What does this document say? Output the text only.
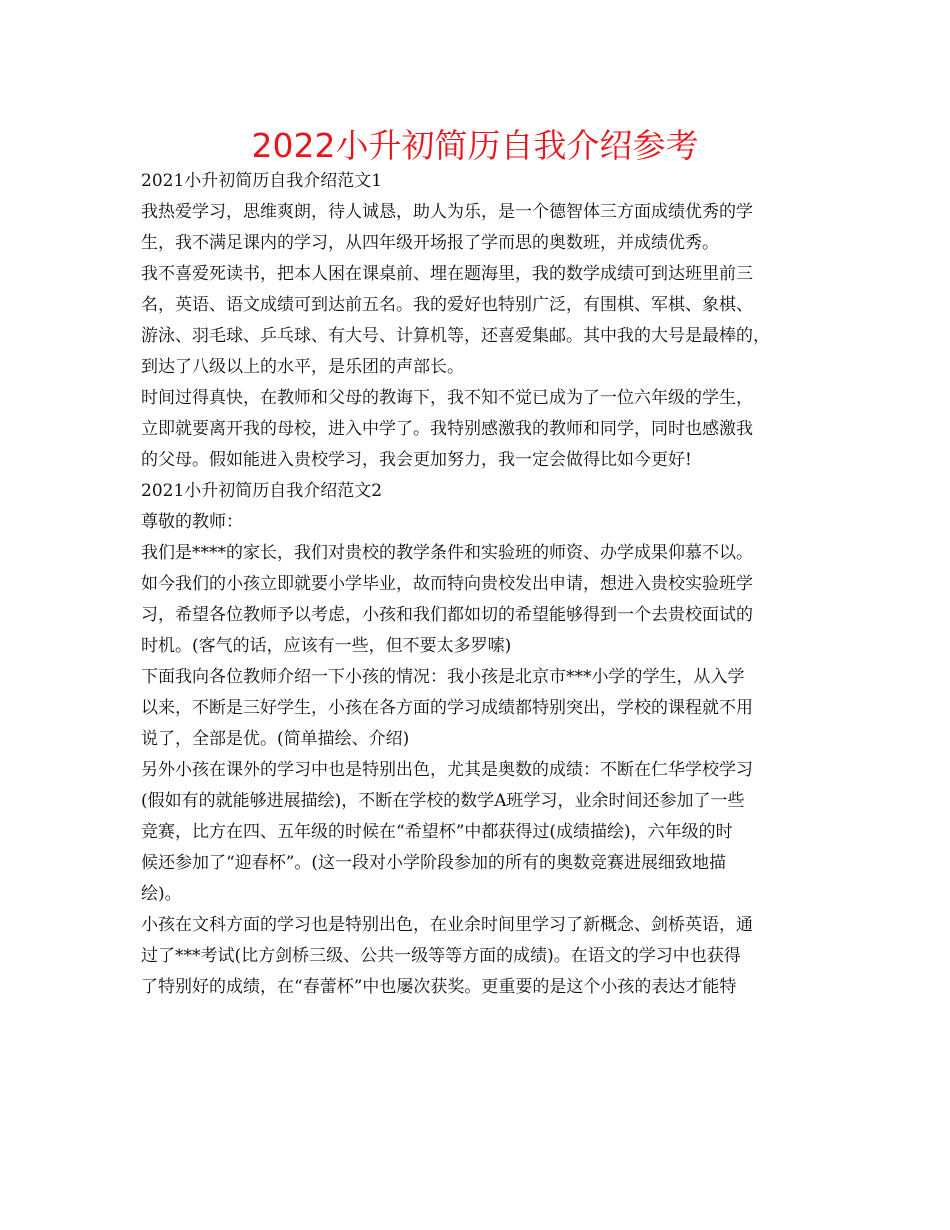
2022小升初简历自我介绍参考
2021小升初简历自我介绍范文1
我热爱学习，思维爽朗，待人诚恳，助人为乐，是一个德智体三方面成绩优秀的学
生，我不满足课内的学习，从四年级开场报了学而思的奥数班，并成绩优秀。
我不喜爱死读书，把本人困在课桌前、埋在题海里，我的数学成绩可到达班里前三
名，英语、语文成绩可到达前五名。我的爱好也特别广泛，有围棋、军棋、象棋、
游泳、羽毛球、乒乓球、有大号、计算机等，还喜爱集邮。其中我的大号是最棒的，
到达了八级以上的水平，是乐团的声部长。
时间过得真快，在教师和父母的教诲下，我不知不觉已成为了一位六年级的学生，
立即就要离开我的母校，进入中学了。我特别感激我的教师和同学，同时也感激我
的父母。假如能进入贵校学习，我会更加努力，我一定会做得比如今更好!
2021小升初简历自我介绍范文2
尊敬的教师：
我们是****的家长，我们对贵校的教学条件和实验班的师资、办学成果仰慕不以。
如今我们的小孩立即就要小学毕业，故而特向贵校发出申请，想进入贵校实验班学
习，希望各位教师予以考虑，小孩和我们都如切的希望能够得到一个去贵校面试的
时机。(客气的话，应该有一些，但不要太多罗嗦)
下面我向各位教师介绍一下小孩的情况：我小孩是北京市***小学的学生，从入学
以来，不断是三好学生，小孩在各方面的学习成绩都特别突出，学校的课程就不用
说了，全部是优。(简单描绘、介绍)
另外小孩在课外的学习中也是特别出色，尤其是奥数的成绩：不断在仁华学校学习
(假如有的就能够进展描绘)，不断在学校的数学A班学习，业余时间还参加了一些
竞赛，比方在四、五年级的时候在“希望杯”中都获得过(成绩描绘)，六年级的时
候还参加了“迎春杯”。(这一段对小学阶段参加的所有的奥数竞赛进展细致地描
绘)。
小孩在文科方面的学习也是特别出色，在业余时间里学习了新概念、剑桥英语，通
过了***考试(比方剑桥三级、公共一级等等方面的成绩)。在语文的学习中也获得
了特别好的成绩，在“春蕾杯”中也屡次获奖。更重要的是这个小孩的表达才能特
